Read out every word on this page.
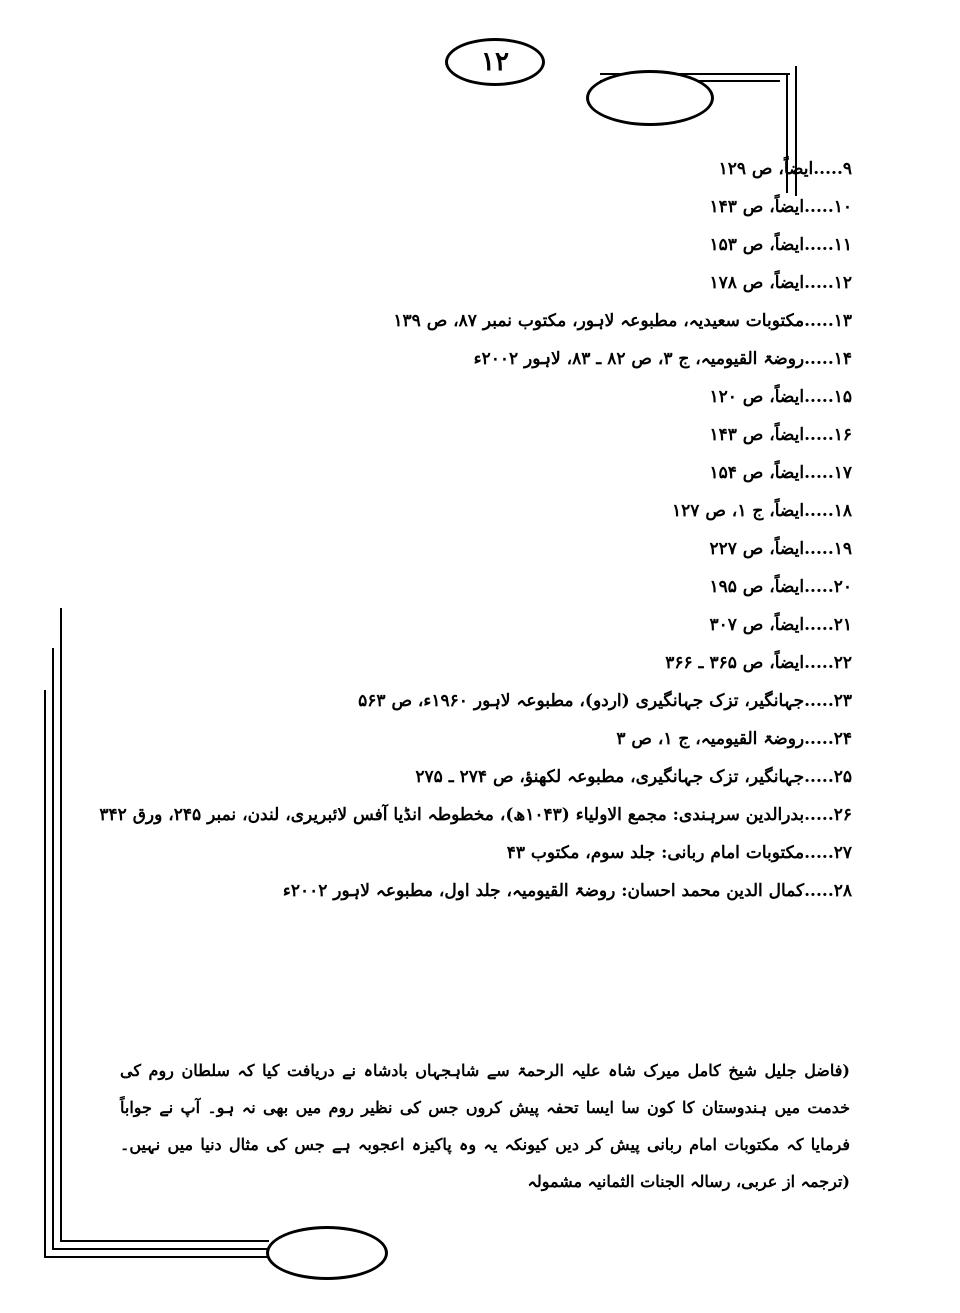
۱۲
۹.....ایضاً، ص ۱۲۹
۱۰.....ایضاً، ص ۱۴۳
۱۱.....ایضاً، ص ۱۵۳
۱۲.....ایضاً، ص ۱۷۸
۱۳.....مکتوبات سعیدیہ، مطبوعہ لاہور، مکتوب نمبر ۸۷، ص ۱۳۹
۱۴.....روضۃ القیومیہ، ج ۳، ص ۸۲ ـ ۸۳، لاہور ۲۰۰۲ء
۱۵.....ایضاً، ص ۱۲۰
۱۶.....ایضاً، ص ۱۴۳
۱۷.....ایضاً، ص ۱۵۴
۱۸.....ایضاً، ج ۱، ص ۱۲۷
۱۹.....ایضاً، ص ۲۲۷
۲۰.....ایضاً، ص ۱۹۵
۲۱.....ایضاً، ص ۳۰۷
۲۲.....ایضاً، ص ۳۶۵ ـ ۳۶۶
۲۳.....جہانگیر، تزک جہانگیری (اردو)، مطبوعہ لاہور ۱۹۶۰ء، ص ۵۶۳
۲۴.....روضۃ القیومیہ، ج ۱، ص ۳
۲۵.....جہانگیر، تزک جہانگیری، مطبوعہ لکھنؤ، ص ۲۷۴ ـ ۲۷۵
۲۶.....بدرالدین سرہندی: مجمع الاولیاء (۱۰۴۳ھ)، مخطوطہ انڈیا آفس لائبریری، لندن، نمبر ۲۴۵، ورق ۳۴۲
۲۷.....مکتوبات امام ربانی: جلد سوم، مکتوب ۴۳
۲۸.....کمال الدین محمد احسان: روضۃ القیومیہ، جلد اول، مطبوعہ لاہور ۲۰۰۲ء
(فاضل جلیل شیخ کامل میرک شاہ علیہ الرحمۃ سے شاہجہاں بادشاہ نے دریافت کیا کہ سلطان روم کی خدمت میں ہندوستان کا کون سا ایسا تحفہ پیش کروں جس کی نظیر روم میں بھی نہ ہو۔ آپ نے جواباً فرمایا کہ مکتوبات امام ربانی پیش کر دیں کیونکہ یہ وہ پاکیزہ اعجوبہ ہے جس کی مثال دنیا میں نہیں۔ (ترجمہ از عربی، رسالہ الجنات الثمانیہ مشمولہ
